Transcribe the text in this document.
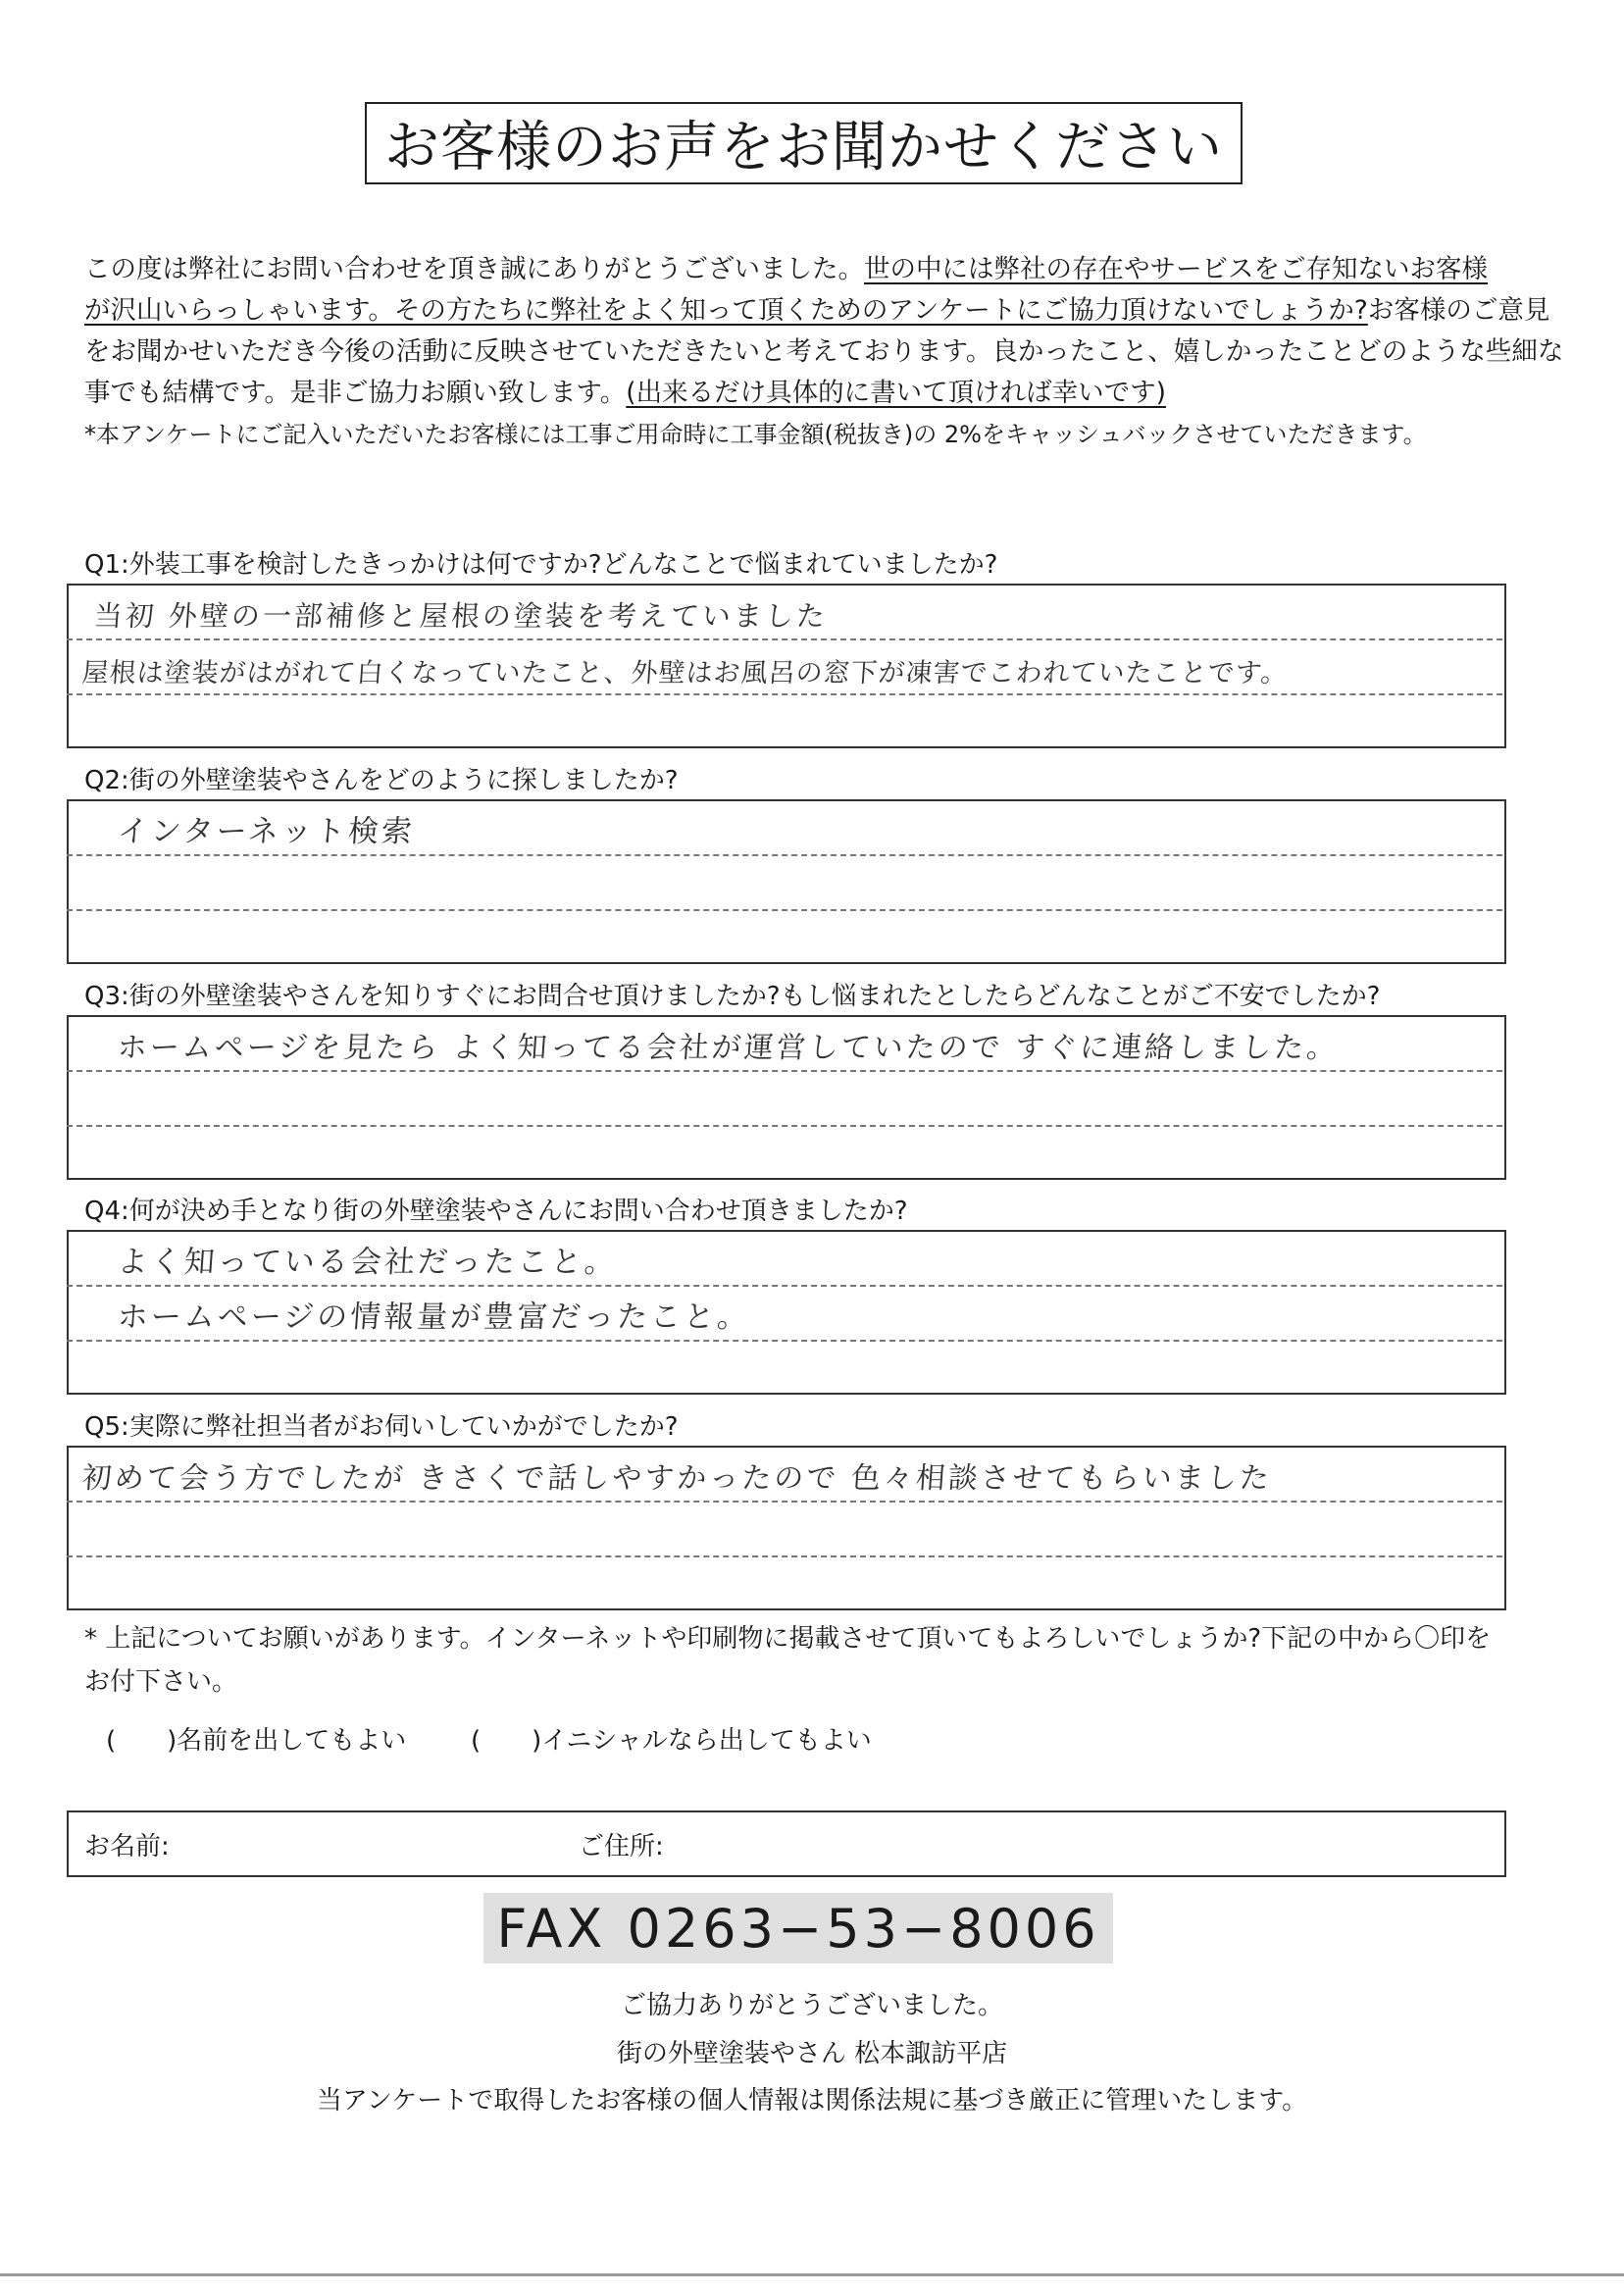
お客様のお声をお聞かせください

この度は弊社にお問い合わせを頂き誠にありがとうございました。世の中には弊社の存在やサービスをご存知ないお客様

が沢山いらっしゃいます。その方たちに弊社をよく知って頂くためのアンケートにご協力頂けないでしょうか?お客様のご意見

をお聞かせいただき今後の活動に反映させていただきたいと考えております。良かったこと、嬉しかったことどのような些細な

事でも結構です。是非ご協力お願い致します。(出来るだけ具体的に書いて頂ければ幸いです)

*本アンケートにご記入いただいたお客様には工事ご用命時に工事金額(税抜き)の 2%をキャッシュバックさせていただきます。

Q1:外装工事を検討したきっかけは何ですか?どんなことで悩まれていましたか?
当初 外壁の一部補修と屋根の塗装を考えていました
屋根は塗装がはがれて白くなっていたこと、外壁はお風呂の窓下が凍害でこわれていたことです。
Q2:街の外壁塗装やさんをどのように探しましたか?
インターネット検索
Q3:街の外壁塗装やさんを知りすぐにお問合せ頂けましたか?もし悩まれたとしたらどんなことがご不安でしたか?
ホームページを見たら よく知ってる会社が運営していたので すぐに連絡しました。
Q4:何が決め手となり街の外壁塗装やさんにお問い合わせ頂きましたか?
よく知っている会社だったこと。
ホームページの情報量が豊富だったこと。
Q5:実際に弊社担当者がお伺いしていかがでしたか?
初めて会う方でしたが きさくで話しやすかったので 色々相談させてもらいました

* 上記についてお願いがあります。インターネットや印刷物に掲載させて頂いてもよろしいでしょうか?下記の中から〇印を

お付下さい。

(　　)名前を出してもよい	(　　)イニシャルなら出してもよい
お名前:	ご住所:
FAX 0263−53−8006
ご協力ありがとうございました。
街の外壁塗装やさん 松本諏訪平店
当アンケートで取得したお客様の個人情報は関係法規に基づき厳正に管理いたします。
